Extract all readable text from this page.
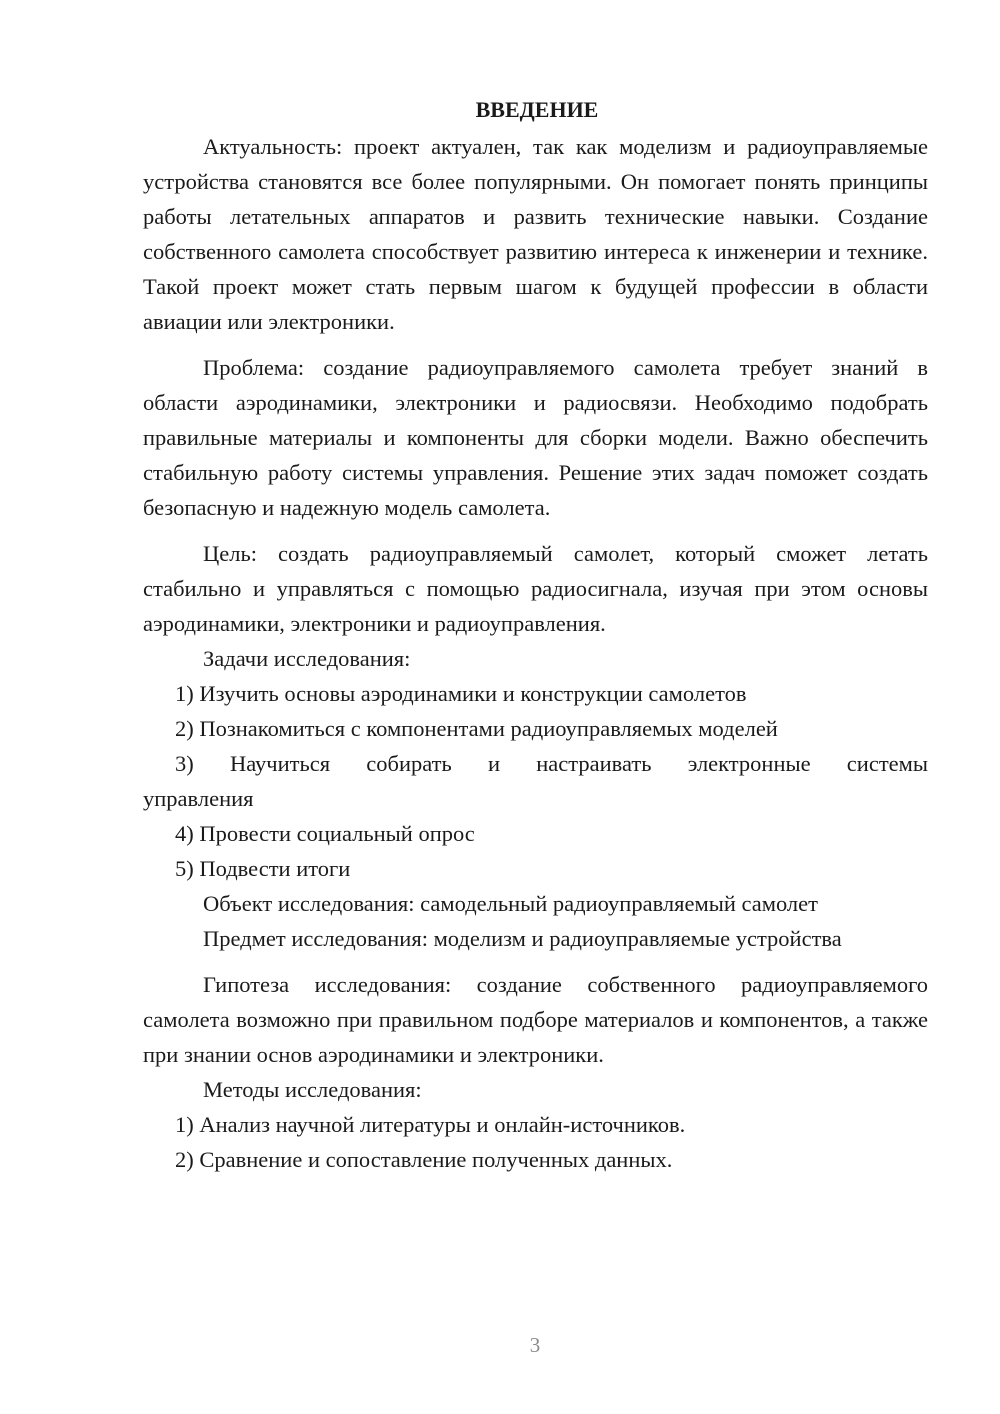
ВВЕДЕНИЕ

Актуальность: проект актуален, так как моделизм и радиоуправляемые устройства становятся все более популярными. Он помогает понять принципы работы летательных аппаратов и развить технические навыки. Создание собственного самолета способствует развитию интереса к инженерии и технике. Такой проект может стать первым шагом к будущей профессии в области авиации или электроники.

Проблема: создание радиоуправляемого самолета требует знаний в области аэродинамики, электроники и радиосвязи. Необходимо подобрать правильные материалы и компоненты для сборки модели. Важно обеспечить стабильную работу системы управления. Решение этих задач поможет создать безопасную и надежную модель самолета.

Цель: создать радиоуправляемый самолет, который сможет летать стабильно и управляться с помощью радиосигнала, изучая при этом основы аэродинамики, электроники и радиоуправления.

Задачи исследования:

1) Изучить основы аэродинамики и конструкции самолетов

2) Познакомиться с компонентами радиоуправляемых моделей

3) Научиться собирать и настраивать электронные системы управления

4) Провести социальный опрос

5) Подвести итоги

Объект исследования: самодельный радиоуправляемый самолет

Предмет исследования: моделизм и радиоуправляемые устройства

Гипотеза исследования: создание собственного радиоуправляемого самолета возможно при правильном подборе материалов и компонентов, а также при знании основ аэродинамики и электроники.

Методы исследования:

1) Анализ научной литературы и онлайн-источников.

2) Сравнение и сопоставление полученных данных.

3
